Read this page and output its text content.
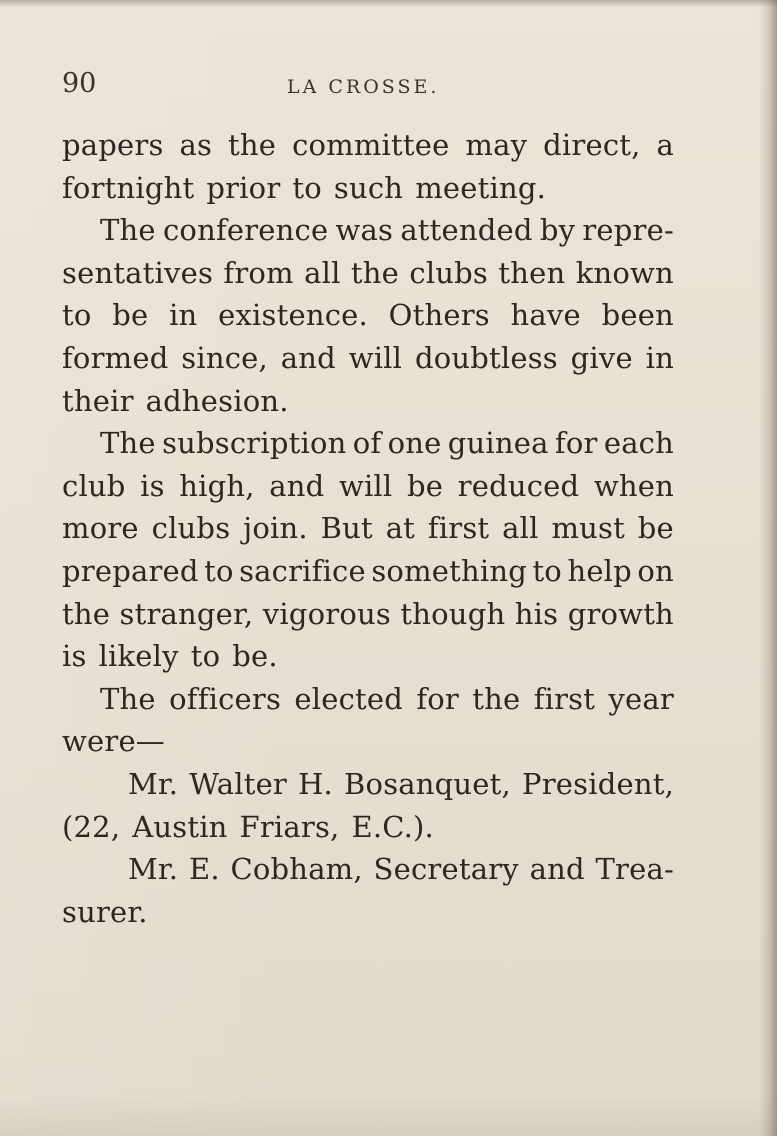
90	LA CROSSE.
papers as the committee may direct, a
fortnight prior to such meeting.
The conference was attended by repre-
sentatives from all the clubs then known
to be in existence. Others have been
formed since, and will doubtless give in
their adhesion.
The subscription of one guinea for each
club is high, and will be reduced when
more clubs join. But at first all must be
prepared to sacrifice something to help on
the stranger, vigorous though his growth
is likely to be.
The officers elected for the first year
were—
Mr. Walter H. Bosanquet, President,
(22, Austin Friars, E.C.).
Mr. E. Cobham, Secretary and Trea-
surer.
